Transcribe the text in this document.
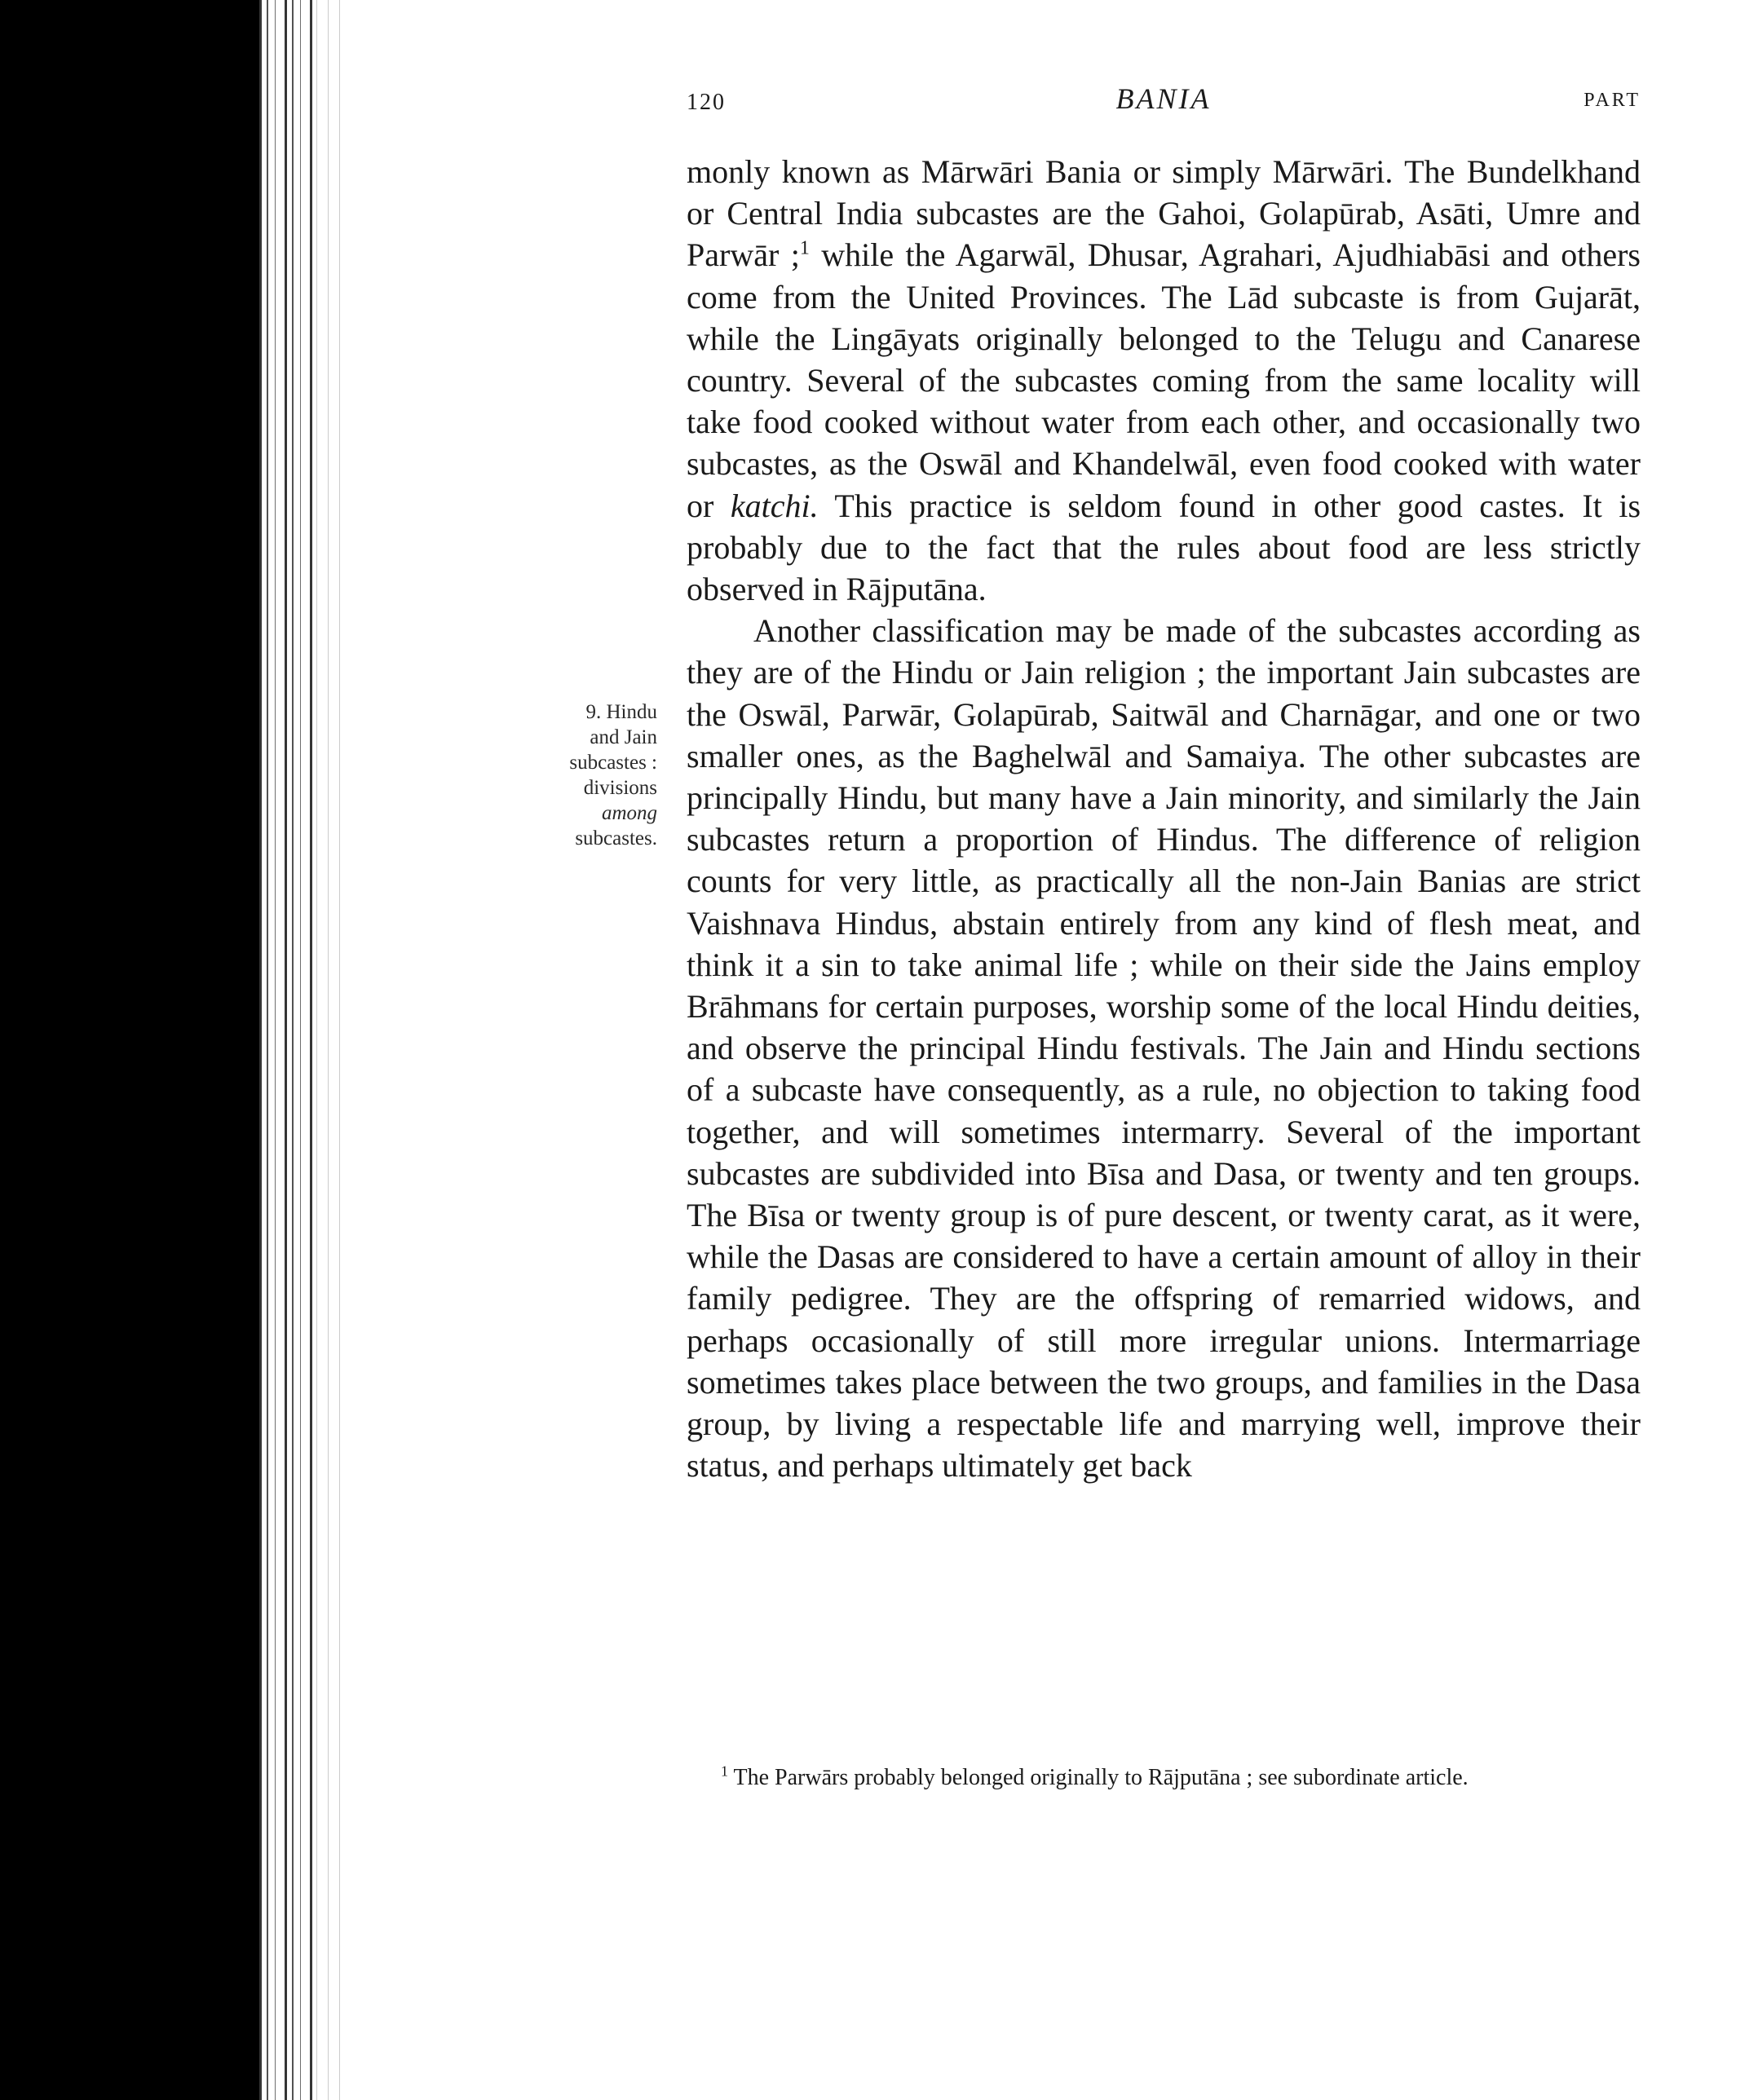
120	BANIA	PART
9. Hindu
and Jain
subcastes :
divisions
among
subcastes.

monly known as Mārwāri Bania or simply Mārwāri. The Bundelkhand or Central India subcastes are the Gahoi, Golapūrab, Asāti, Umre and Parwār ;$^1$ while the Agarwāl, Dhusar, Agrahari, Ajudhiabāsi and others come from the United Provinces. The Lād subcaste is from Gujarāt, while the Lingāyats originally belonged to the Telugu and Canarese country. Several of the subcastes coming from the same locality will take food cooked without water from each other, and occasionally two subcastes, as the Oswāl and Khandelwāl, even food cooked with water or katchi. This practice is seldom found in other good castes. It is probably due to the fact that the rules about food are less strictly observed in Rājputāna.

Another classification may be made of the subcastes according as they are of the Hindu or Jain religion ; the important Jain subcastes are the Oswāl, Parwār, Golapūrab, Saitwāl and Charnāgar, and one or two smaller ones, as the Baghelwāl and Samaiya. The other subcastes are principally Hindu, but many have a Jain minority, and similarly the Jain subcastes return a proportion of Hindus. The difference of religion counts for very little, as practically all the non-Jain Banias are strict Vaishnava Hindus, abstain entirely from any kind of flesh meat, and think it a sin to take animal life ; while on their side the Jains employ Brāhmans for certain purposes, worship some of the local Hindu deities, and observe the principal Hindu festivals. The Jain and Hindu sections of a subcaste have consequently, as a rule, no objection to taking food together, and will sometimes intermarry. Several of the important subcastes are subdivided into Bīsa and Dasa, or twenty and ten groups. The Bīsa or twenty group is of pure descent, or twenty carat, as it were, while the Dasas are considered to have a certain amount of alloy in their family pedigree. They are the offspring of remarried widows, and perhaps occasionally of still more irregular unions. Intermarriage sometimes takes place between the two groups, and families in the Dasa group, by living a respectable life and marrying well, improve their status, and perhaps ultimately get back

$^1$ The Parwārs probably belonged originally to Rājputāna ; see subordinate article.
